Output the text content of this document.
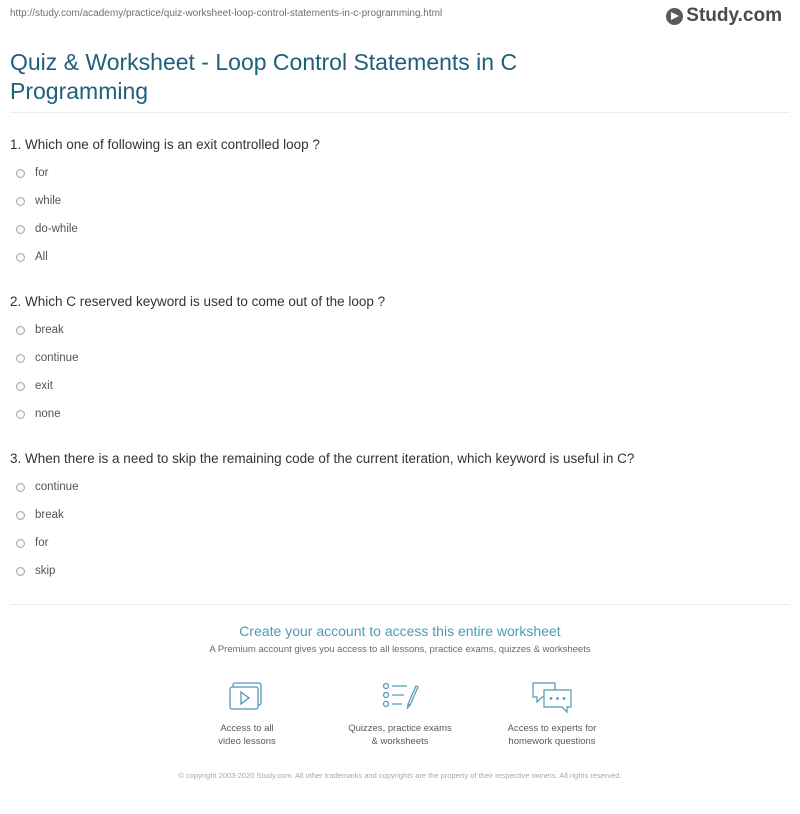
http://study.com/academy/practice/quiz-worksheet-loop-control-statements-in-c-programming.html	Study.com
Quiz & Worksheet - Loop Control Statements in C Programming

1. Which one of following is an exit controlled loop ?

for
while
do-while
All

2. Which C reserved keyword is used to come out of the loop ?

break
continue
exit
none

3. When there is a need to skip the remaining code of the current iteration, which keyword is useful in C?

continue
break
for
skip
Create your account to access this entire worksheet
A Premium account gives you access to all lessons, practice exams, quizzes & worksheets
Access to all
video lessons
Quizzes, practice exams
& worksheets
Access to experts for
homework questions
© copyright 2003-2020 Study.com. All other trademarks and copyrights are the property of their respective owners. All rights reserved.
